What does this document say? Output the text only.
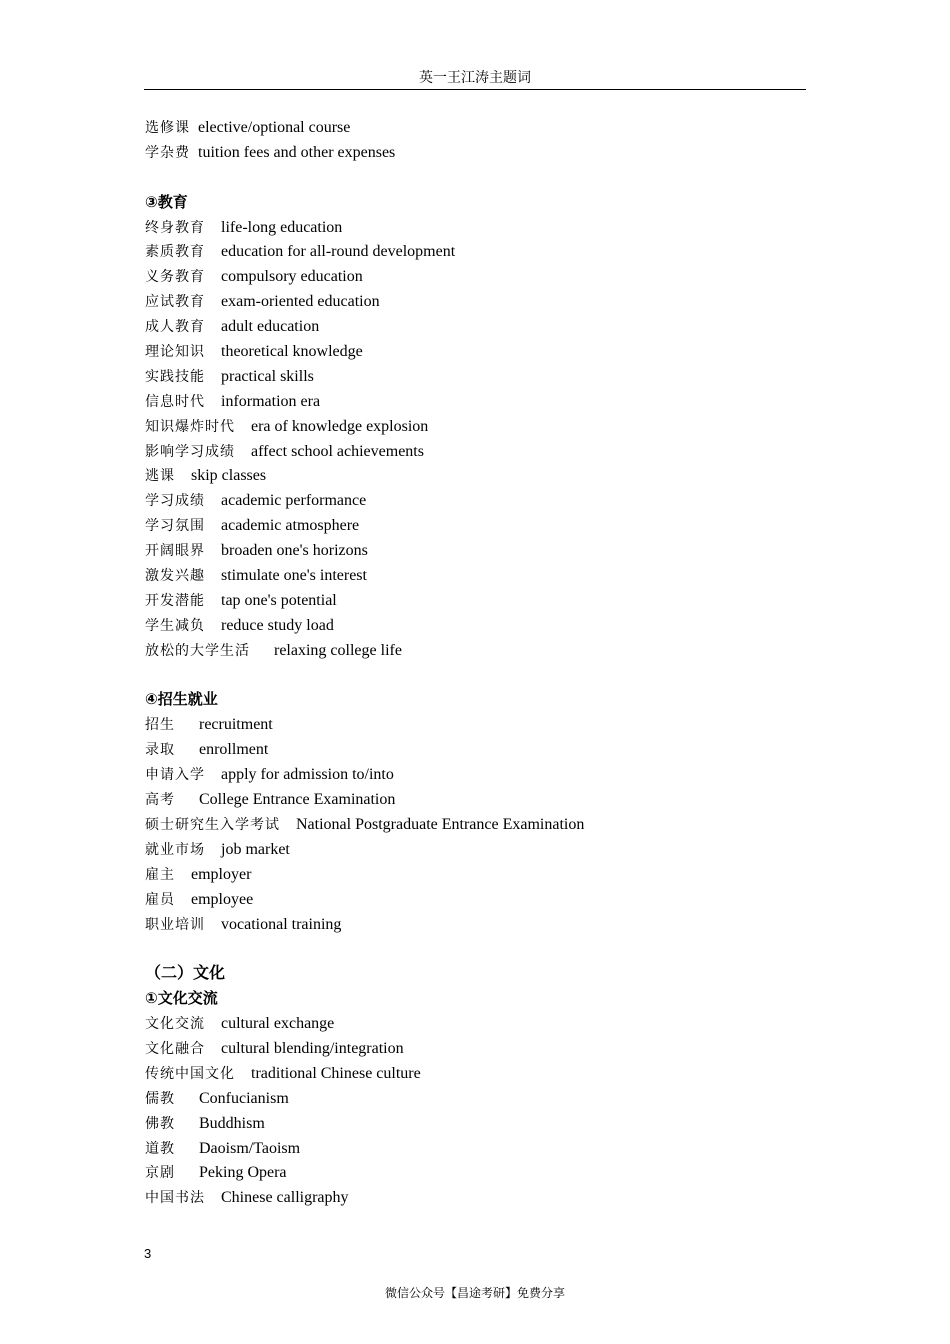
英一王江涛主题词
选修课 elective/optional course
学杂费 tuition fees and other expenses
③教育
终身教育 life-long education
素质教育 education for all-round development
义务教育 compulsory education
应试教育 exam-oriented education
成人教育 adult education
理论知识 theoretical knowledge
实践技能 practical skills
信息时代 information era
知识爆炸时代 era of knowledge explosion
影响学习成绩 affect school achievements
逃课 skip classes
学习成绩 academic performance
学习氛围 academic atmosphere
开阔眼界 broaden one's horizons
激发兴趣 stimulate one's interest
开发潜能 tap one's potential
学生减负 reduce study load
放松的大学生活 relaxing college life
④招生就业
招生 recruitment
录取 enrollment
申请入学 apply for admission to/into
高考 College Entrance Examination
硕士研究生入学考试 National Postgraduate Entrance Examination
就业市场 job market
雇主 employer
雇员 employee
职业培训 vocational training
（二）文化
①文化交流
文化交流 cultural exchange
文化融合 cultural blending/integration
传统中国文化 traditional Chinese culture
儒教 Confucianism
佛教 Buddhism
道教 Daoism/Taoism
京剧 Peking Opera
中国书法 Chinese calligraphy
3
微信公众号【昌途考研】免费分享
